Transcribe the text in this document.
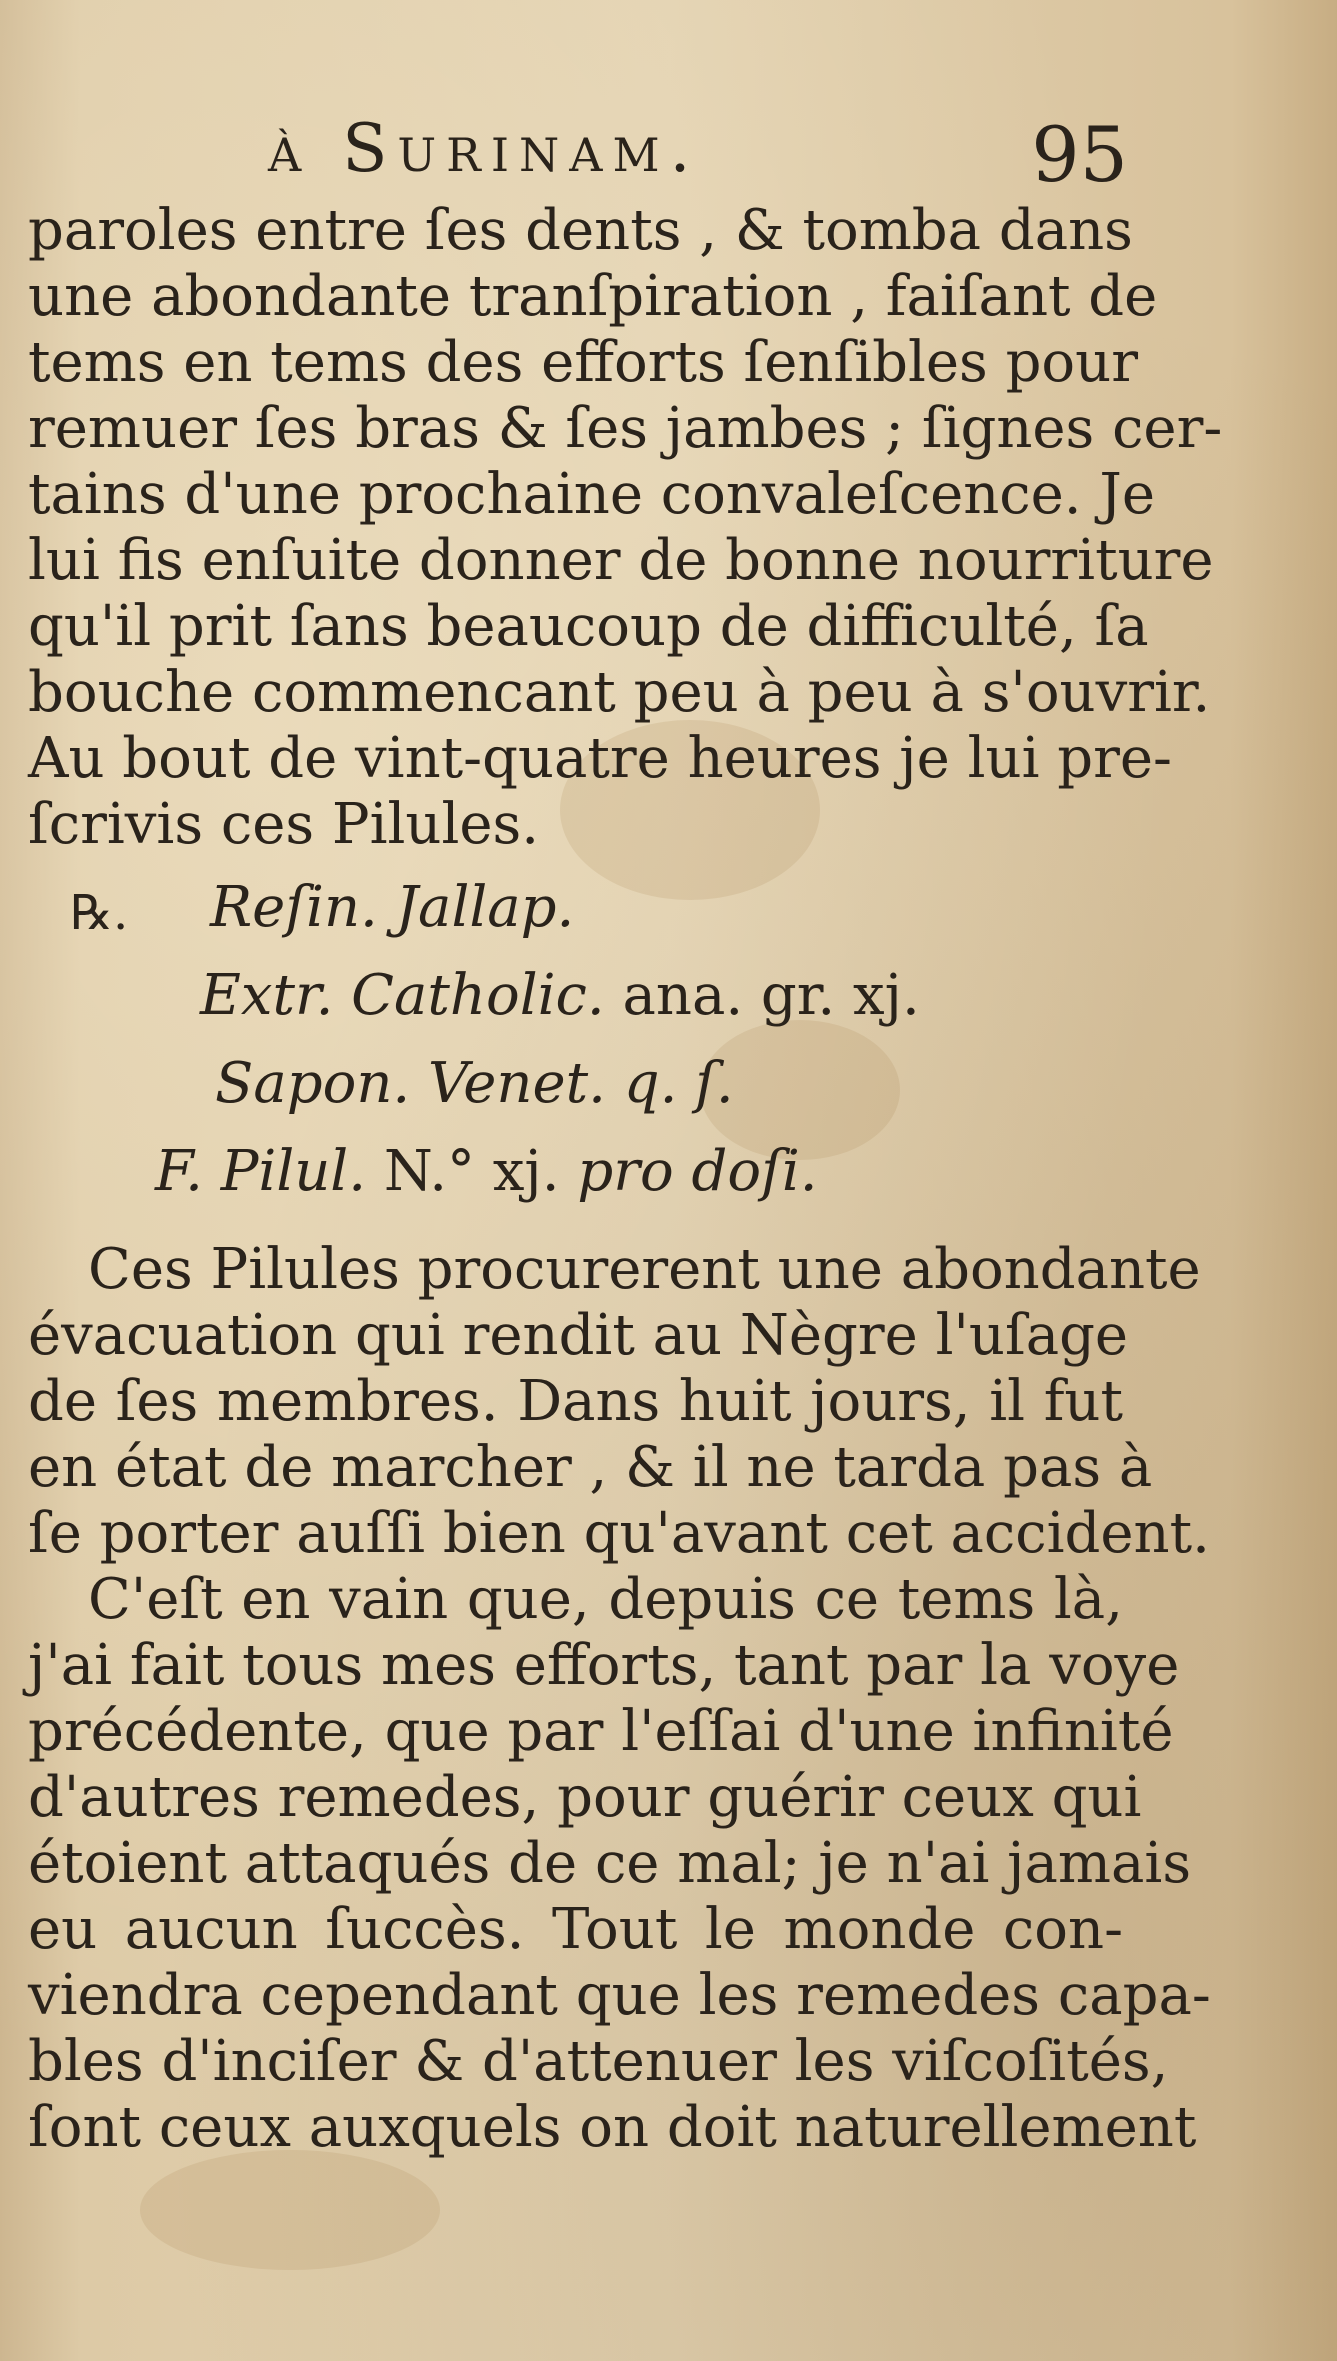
à Surinam.	95
paroles entre ſes dents , & tomba dans
une abondante tranſpiration , faiſant de
tems en tems des efforts ſenſibles pour
remuer ſes bras & ſes jambes ; ſignes cer-
tains d'une prochaine convaleſcence. Je
lui fis enſuite donner de bonne nourriture
qu'il prit ſans beaucoup de difficulté, ſa
bouche commencant peu à peu à s'ouvrir.
Au bout de vint-quatre heures je lui pre-
ſcrivis ces Pilules.
℞. Reſin. Jallap.
Extr. Catholic. ana. gr. xj.
Sapon. Venet. q. ſ.
F. Pilul. N.° xj. pro doſi.
Ces Pilules procurerent une abondante
évacuation qui rendit au Nègre l'uſage
de ſes membres. Dans huit jours, il fut
en état de marcher , & il ne tarda pas à
ſe porter auſſi bien qu'avant cet accident.
C'eſt en vain que, depuis ce tems là,
j'ai fait tous mes efforts, tant par la voye
précédente, que par l'eſſai d'une infinité
d'autres remedes, pour guérir ceux qui
étoient attaqués de ce mal; je n'ai jamais
eu aucun ſuccès. Tout le monde con-
viendra cependant que les remedes capa-
bles d'inciſer & d'attenuer les viſcoſités,
ſont ceux auxquels on doit naturellement
